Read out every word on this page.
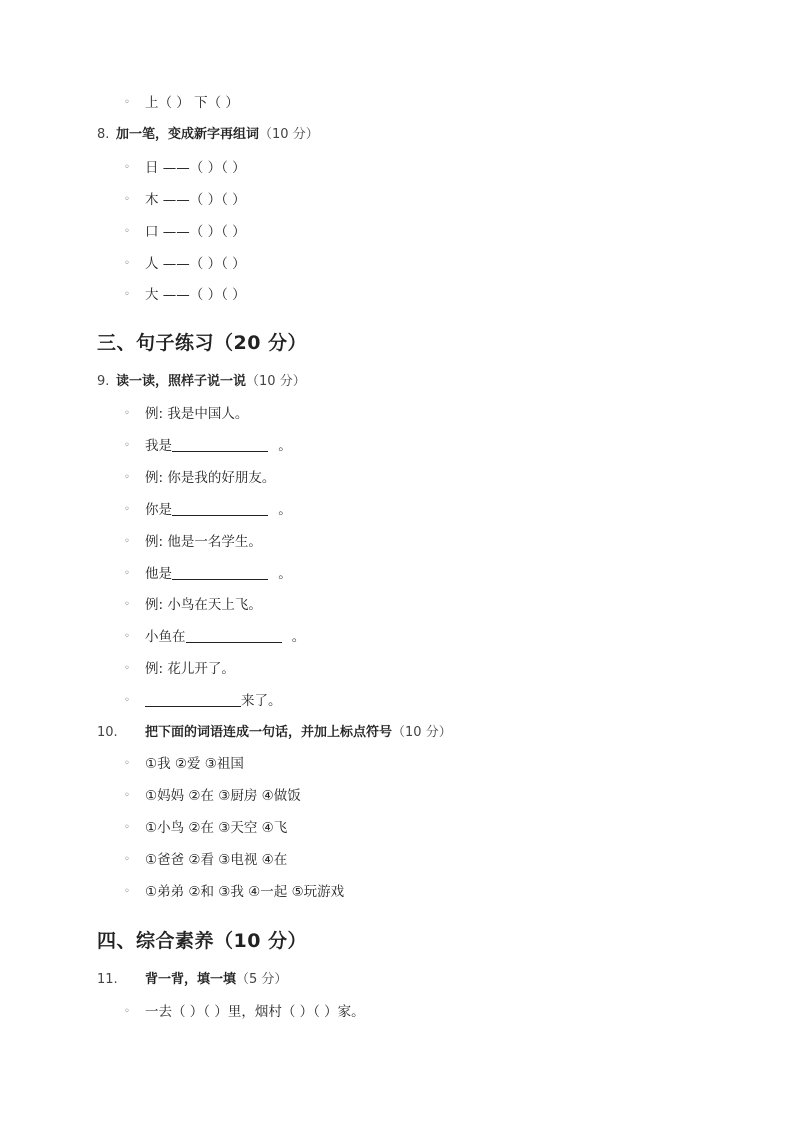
◦	上（ ） 下（ ）
8. 加一笔，变成新字再组词（10 分）
◦	日 ——（ ）（ ）
◦	木 ——（ ）（ ）
◦	口 ——（ ）（ ）
◦	人 ——（ ）（ ）
◦	大 ——（ ）（ ）
三、句子练习（20 分）
9. 读一读，照样子说一说（10 分）
◦	例: 我是中国人。
◦	我是	。
◦	例: 你是我的好朋友。
◦	你是	。
◦	例: 他是一名学生。
◦	他是	。
◦	例: 小鸟在天上飞。
◦	小鱼在	。
◦	例: 花儿开了。
◦	来了。
10. 把下面的词语连成一句话，并加上标点符号（10 分）
◦	①我 ②爱 ③祖国
◦	①妈妈 ②在 ③厨房 ④做饭
◦	①小鸟 ②在 ③天空 ④飞
◦	①爸爸 ②看 ③电视 ④在
◦	①弟弟 ②和 ③我 ④一起 ⑤玩游戏
四、综合素养（10 分）
11. 背一背，填一填（5 分）
◦	一去（ ）（ ）里，烟村（ ）（ ）家。
